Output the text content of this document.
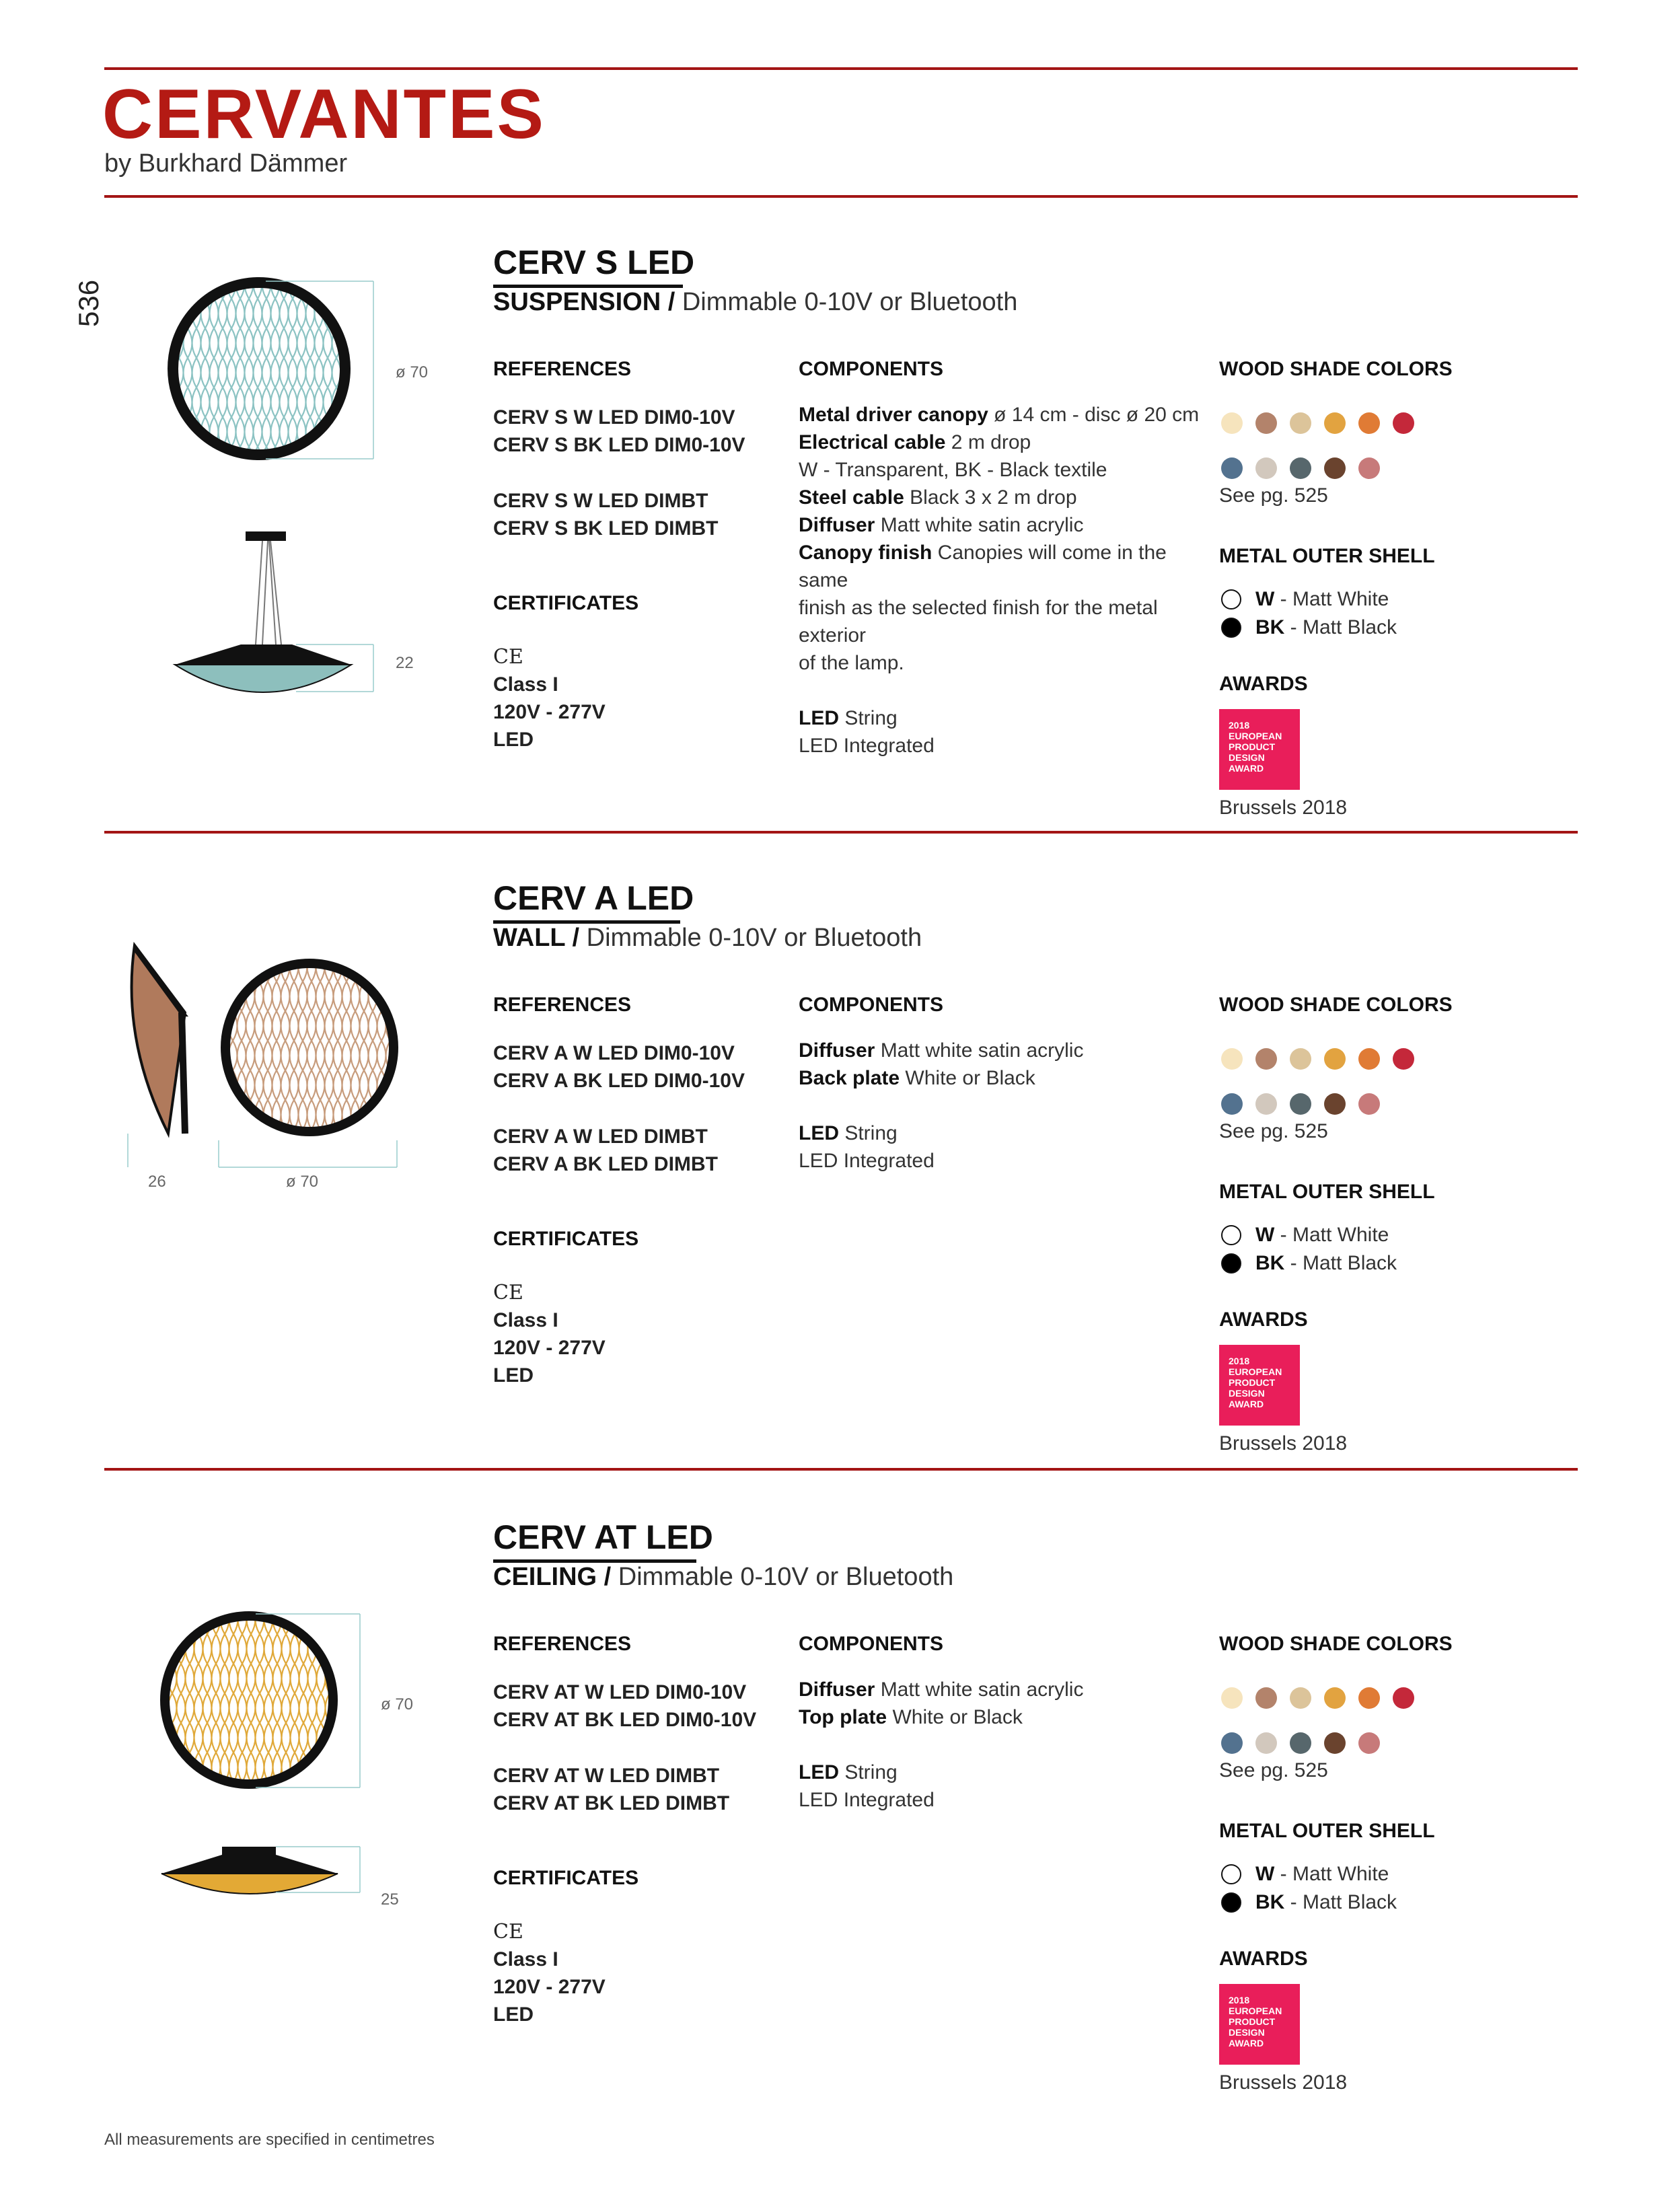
CERVANTES
by Burkhard Dämmer
536
CERV S LED
SUSPENSION / Dimmable 0-10V or Bluetooth
REFERENCES
CERV S W LED DIM0-10V
CERV S BK LED DIM0-10V
CERV S W LED DIMBT
CERV S BK LED DIMBT
CERTIFICATES
CE
Class I
120V - 277V
LED
COMPONENTS
Metal driver canopy ø 14 cm - disc ø 20 cm
Electrical cable 2 m drop
W - Transparent, BK - Black textile
Steel cable Black 3 x 2 m drop
Diffuser Matt white satin acrylic
Canopy finish Canopies will come in the same
finish as the selected finish for the metal exterior
of the lamp.
LED String
LED Integrated
WOOD SHADE COLORS
See pg. 525
METAL OUTER SHELL
W - Matt White
BK - Matt Black
AWARDS
2018
EUROPEAN
PRODUCT
DESIGN
AWARD
Brussels 2018
ø 70
22
CERV A LED
WALL / Dimmable 0-10V or Bluetooth
REFERENCES
CERV A W LED DIM0-10V
CERV A BK LED DIM0-10V
CERV A W LED DIMBT
CERV A BK LED DIMBT
CERTIFICATES
CE
Class I
120V - 277V
LED
COMPONENTS
Diffuser Matt white satin acrylic
Back plate White or Black
LED String
LED Integrated
WOOD SHADE COLORS
See pg. 525
METAL OUTER SHELL
W - Matt White
BK - Matt Black
AWARDS
2018
EUROPEAN
PRODUCT
DESIGN
AWARD
Brussels 2018
26	ø 70
CERV AT LED
CEILING / Dimmable 0-10V or Bluetooth
REFERENCES
CERV AT W LED DIM0-10V
CERV AT BK LED DIM0-10V
CERV AT W LED DIMBT
CERV AT BK LED DIMBT
CERTIFICATES
CE
Class I
120V - 277V
LED
COMPONENTS
Diffuser Matt white satin acrylic
Top plate White or Black
LED String
LED Integrated
WOOD SHADE COLORS
See pg. 525
METAL OUTER SHELL
W - Matt White
BK - Matt Black
AWARDS
2018
EUROPEAN
PRODUCT
DESIGN
AWARD
Brussels 2018
ø 70
25
All measurements are specified in centimetres
